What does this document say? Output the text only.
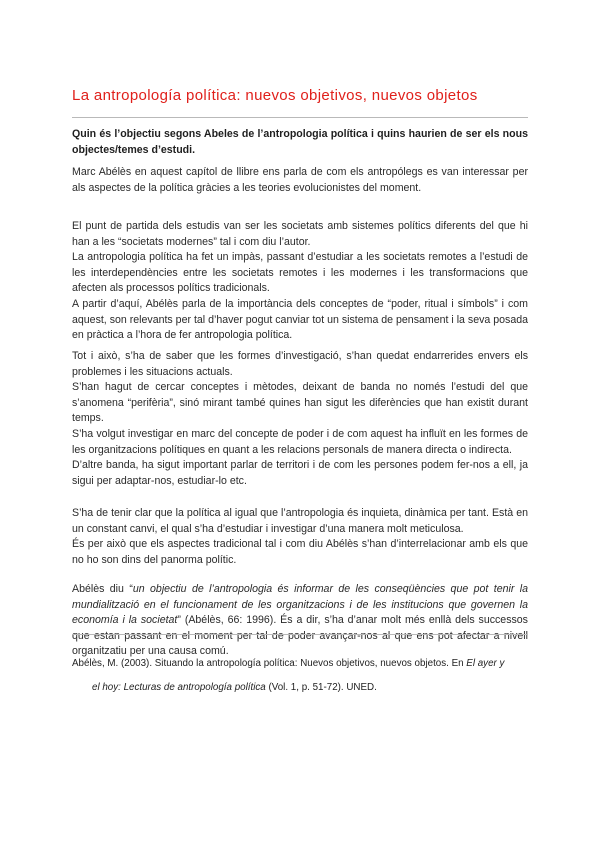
La antropología política: nuevos objetivos, nuevos objetos

Quin és l’objectiu segons Abeles de l’antropologia política i quins haurien de ser els nous objectes/temes d’estudi.

Marc Abélès en aquest capítol de llibre ens parla de com els antropólegs es van interessar per als aspectes de la política gràcies a les teories evolucionistes del moment.

El punt de partida dels estudis van ser les societats amb sistemes polítics diferents del que hi han a les “societats modernes” tal i com diu l’autor.

La antropologia política ha fet un impàs, passant d’estudiar a les societats remotes a l’estudi de les interdependències entre les societats remotes i les modernes i les transformacions que afecten als processos polítics tradicionals.

A partir d’aquí, Abélès parla de la importància dels conceptes de “poder, ritual i símbols” i com aquest, son relevants per tal d’haver pogut canviar tot un sistema de pensament i la seva posada en pràctica a l’hora de fer antropologia política.

Tot i això, s’ha de saber que les formes d’investigació, s’han quedat endarrerides envers els problemes i les situacions actuals.

S’han hagut de cercar conceptes i mètodes, deixant de banda no només l’estudi del que s’anomena “perifèria”, sinó mirant també quines han sigut les diferències que han existit durant temps.

S’ha volgut investigar en marc del concepte de poder i de com aquest ha influït en les formes de les organitzacions polítiques en quant a les relacions personals de manera directa o indirecta.

D’altre banda, ha sigut important parlar de territori i de com les persones podem fer-nos a ell, ja sigui per adaptar-nos, estudiar-lo etc.

S’ha de tenir clar que la política al igual que l’antropologia és inquieta, dinàmica per tant. Està en un constant canvi, el qual s’ha d’estudiar i investigar d’una manera molt meticulosa.

És per això que els aspectes tradicional tal i com diu Abélès s’han d’interrelacionar amb els que no ho son dins del panorma polític.

Abélès diu “un objectiu de l’antropologia és informar de les conseqüències que pot tenir la mundialització en el funcionament de les organitzacions i de les institucions que governen la economía i la societat” (Abélès, 66: 1996). És a dir, s’ha d’anar molt més enllà dels successos que estan passant en el moment per tal de poder avançar-nos al que ens pot afectar a nivell organitzatiu per una causa comú.

Abélès, M. (2003). Situando la antropología política: Nuevos objetivos, nuevos objetos. En El ayer y

el hoy: Lecturas de antropología política (Vol. 1, p. 51-72). UNED.
